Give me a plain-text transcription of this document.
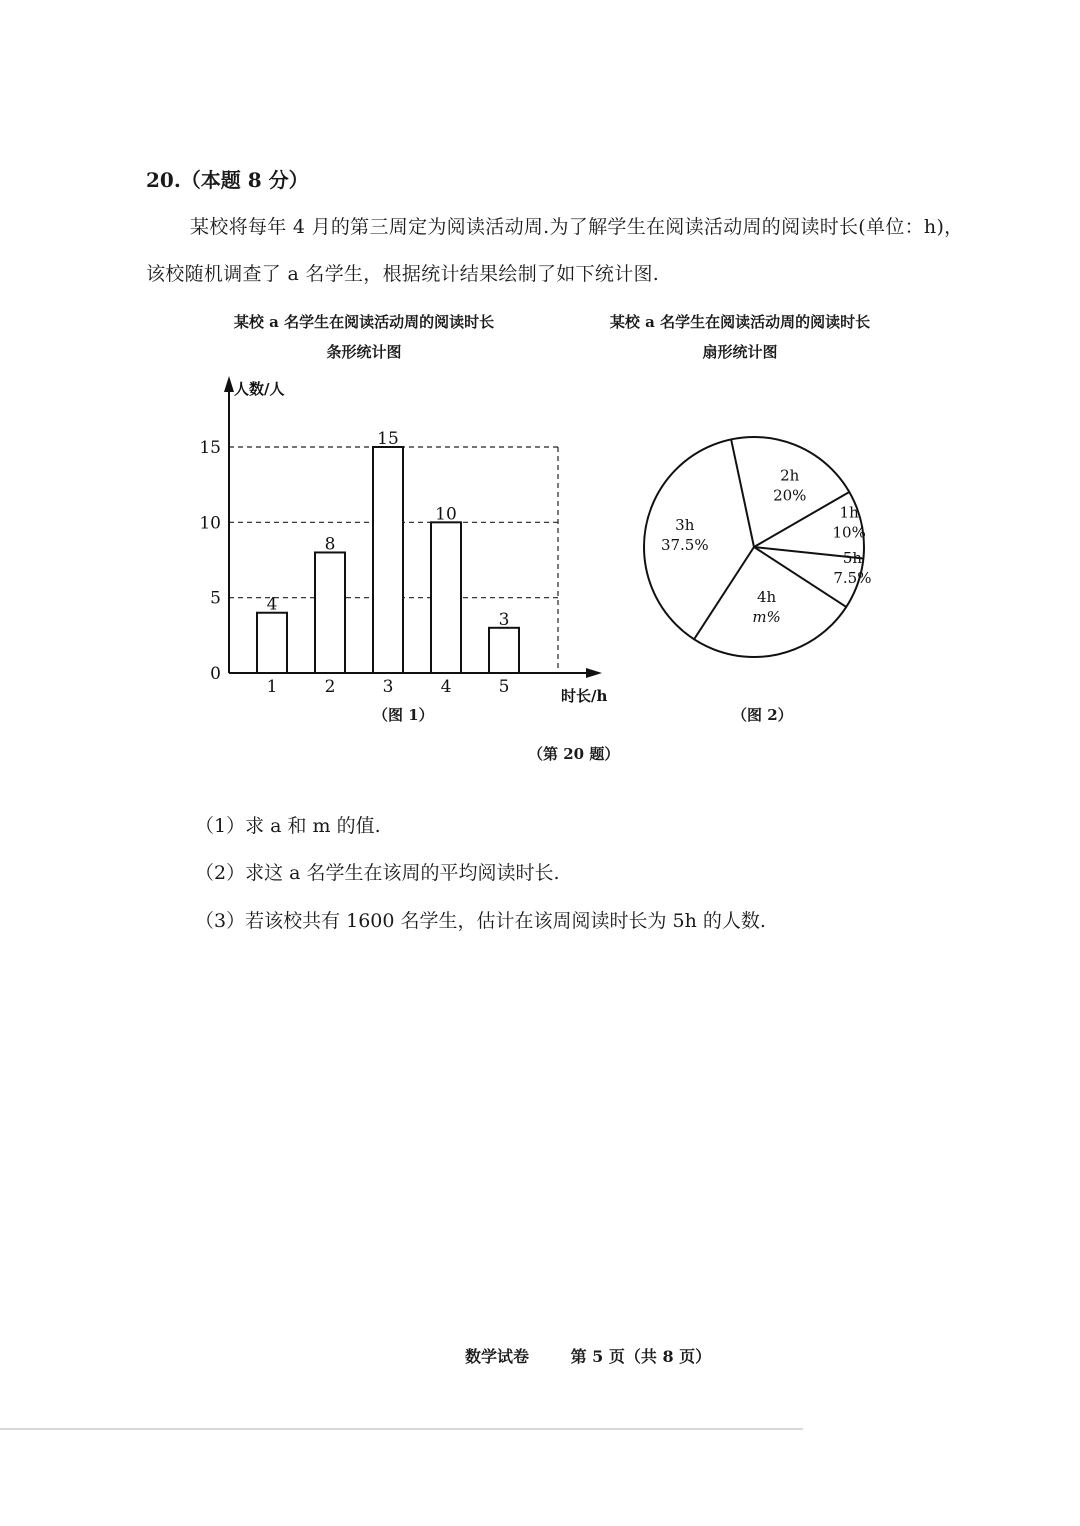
20.（本题 8 分）
某校将每年 4 月的第三周定为阅读活动周.为了解学生在阅读活动周的阅读时长(单位：h)，
该校随机调查了 a 名学生，根据统计结果绘制了如下统计图.
某校 a 名学生在阅读活动周的阅读时长
条形统计图
某校 a 名学生在阅读活动周的阅读时长
扇形统计图
人数/人
时长/h
0
5
10
15
4
1
8
2
15
3
10
4
3
5
2h
20%
1h
10%
5h
7.5%
4h
m%
3h
37.5%
（图 1）	（图 2）
（第 20 题）
（1）求 a 和 m 的值.
（2）求这 a 名学生在该周的平均阅读时长.
（3）若该校共有 1600 名学生，估计在该周阅读时长为 5h 的人数.
数学试卷	第 5 页（共 8 页）
